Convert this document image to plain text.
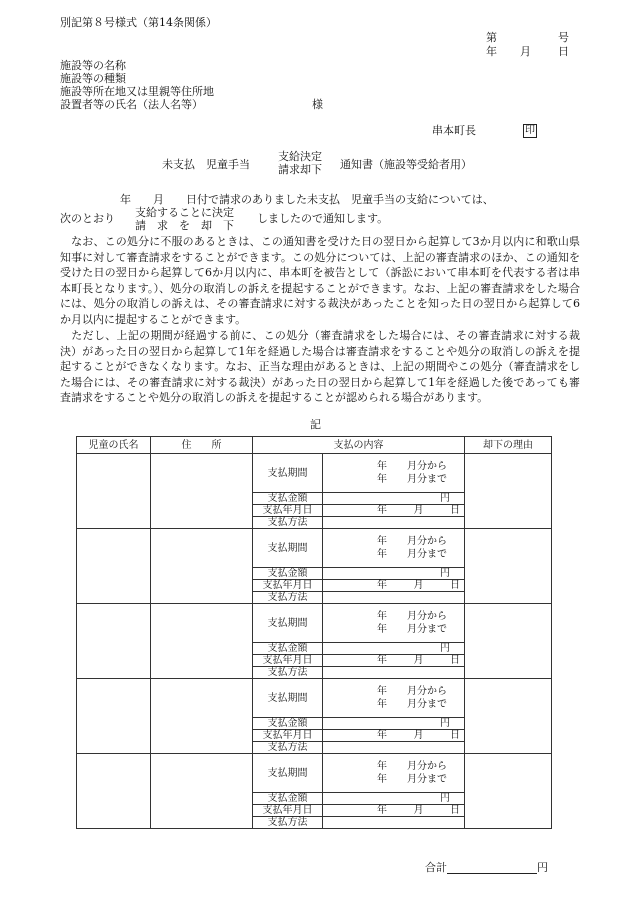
別記第８号様式（第14条関係）
第	号
年 月 日
施設等の名称
施設等の種類
施設等所在地又は里親等住所地
設置者等の氏名（法人名等）	様
串本町長	印
未支払　児童手当
支給決定
請求却下 通知書（施設等受給者用）
年　　月　　日付で請求のありました未支払　児童手当の支給については、
次のとおり 支給することに決定
請　求　を　却　下
しましたので通知します。
　なお、この処分に不服のあるときは、この通知書を受けた日の翌日から起算して3か月以内に和歌山県知事に対して審査請求をすることができます。この処分については、上記の審査請求のほか、この通知を受けた日の翌日から起算して6か月以内に、串本町を被告として（訴訟において串本町を代表する者は串本町長となります。）、処分の取消しの訴えを提起することができます。なお、上記の審査請求をした場合には、処分の取消しの訴えは、その審査請求に対する裁決があったことを知った日の翌日から起算して6か月以内に提起することができます。
　ただし、上記の期間が経過する前に、この処分（審査請求をした場合には、その審査請求に対する裁決）があった日の翌日から起算して1年を経過した場合は審査請求をすることや処分の取消しの訴えを提起することができなくなります。なお、正当な理由があるときは、上記の期間やこの処分（審査請求をした場合には、その審査請求に対する裁決）があった日の翌日から起算して1年を経過した後であっても審査請求をすることや処分の取消しの訴えを提起することが認められる場合があります。
記
児童の氏名	住　　所	支払の内容		却下の理由
		支払期間	年　　月分から
年　　月分まで	

		支払金額	円	
		支払年月日	年 月 日	

		支払方法		
		支払期間	年　　月分から
年　　月分まで	

		支払金額	円	
		支払年月日	年 月 日	

		支払方法		
		支払期間	年　　月分から
年　　月分まで	

		支払金額	円	
		支払年月日	年 月 日	

		支払方法		
		支払期間	年　　月分から
年　　月分まで	

		支払金額	円	
		支払年月日	年 月 日	

		支払方法		
		支払期間	年　　月分から
年　　月分まで	

		支払金額	円	
		支払年月日	年 月 日	

		支払方法		
合計	円
